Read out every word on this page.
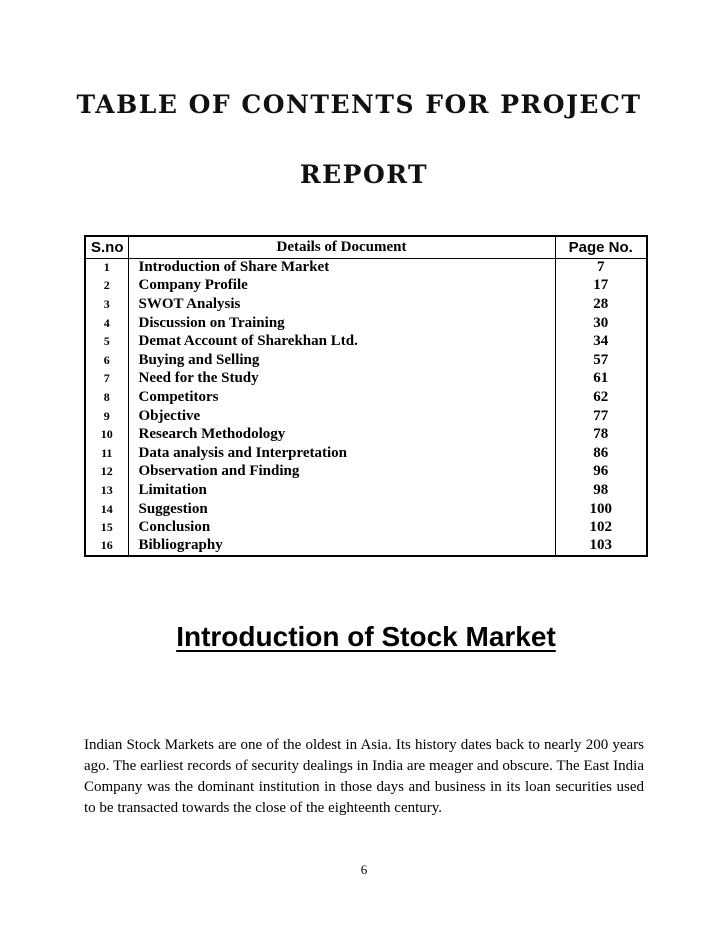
TABLE OF CONTENTS FOR PROJECT
REPORT
S.no	Details of Document	Page No.
1	Introduction of Share Market	7
2	Company Profile	17
3	SWOT Analysis	28
4	Discussion on Training	30
5	Demat Account of Sharekhan Ltd.	34
6	Buying and Selling	57
7	Need for the Study	61
8	Competitors	62
9	Objective	77
10	Research Methodology	78
11	Data analysis and Interpretation	86
12	Observation and Finding	96
13	Limitation	98
14	Suggestion	100
15	Conclusion	102
16	Bibliography	103
Introduction of Stock Market

Indian Stock Markets are one of the oldest in Asia. Its history dates back to nearly 200 years ago. The earliest records of security dealings in India are meager and obscure. The East India Company was the dominant institution in those days and business in its loan securities used to be transacted towards the close of the eighteenth century.

6
